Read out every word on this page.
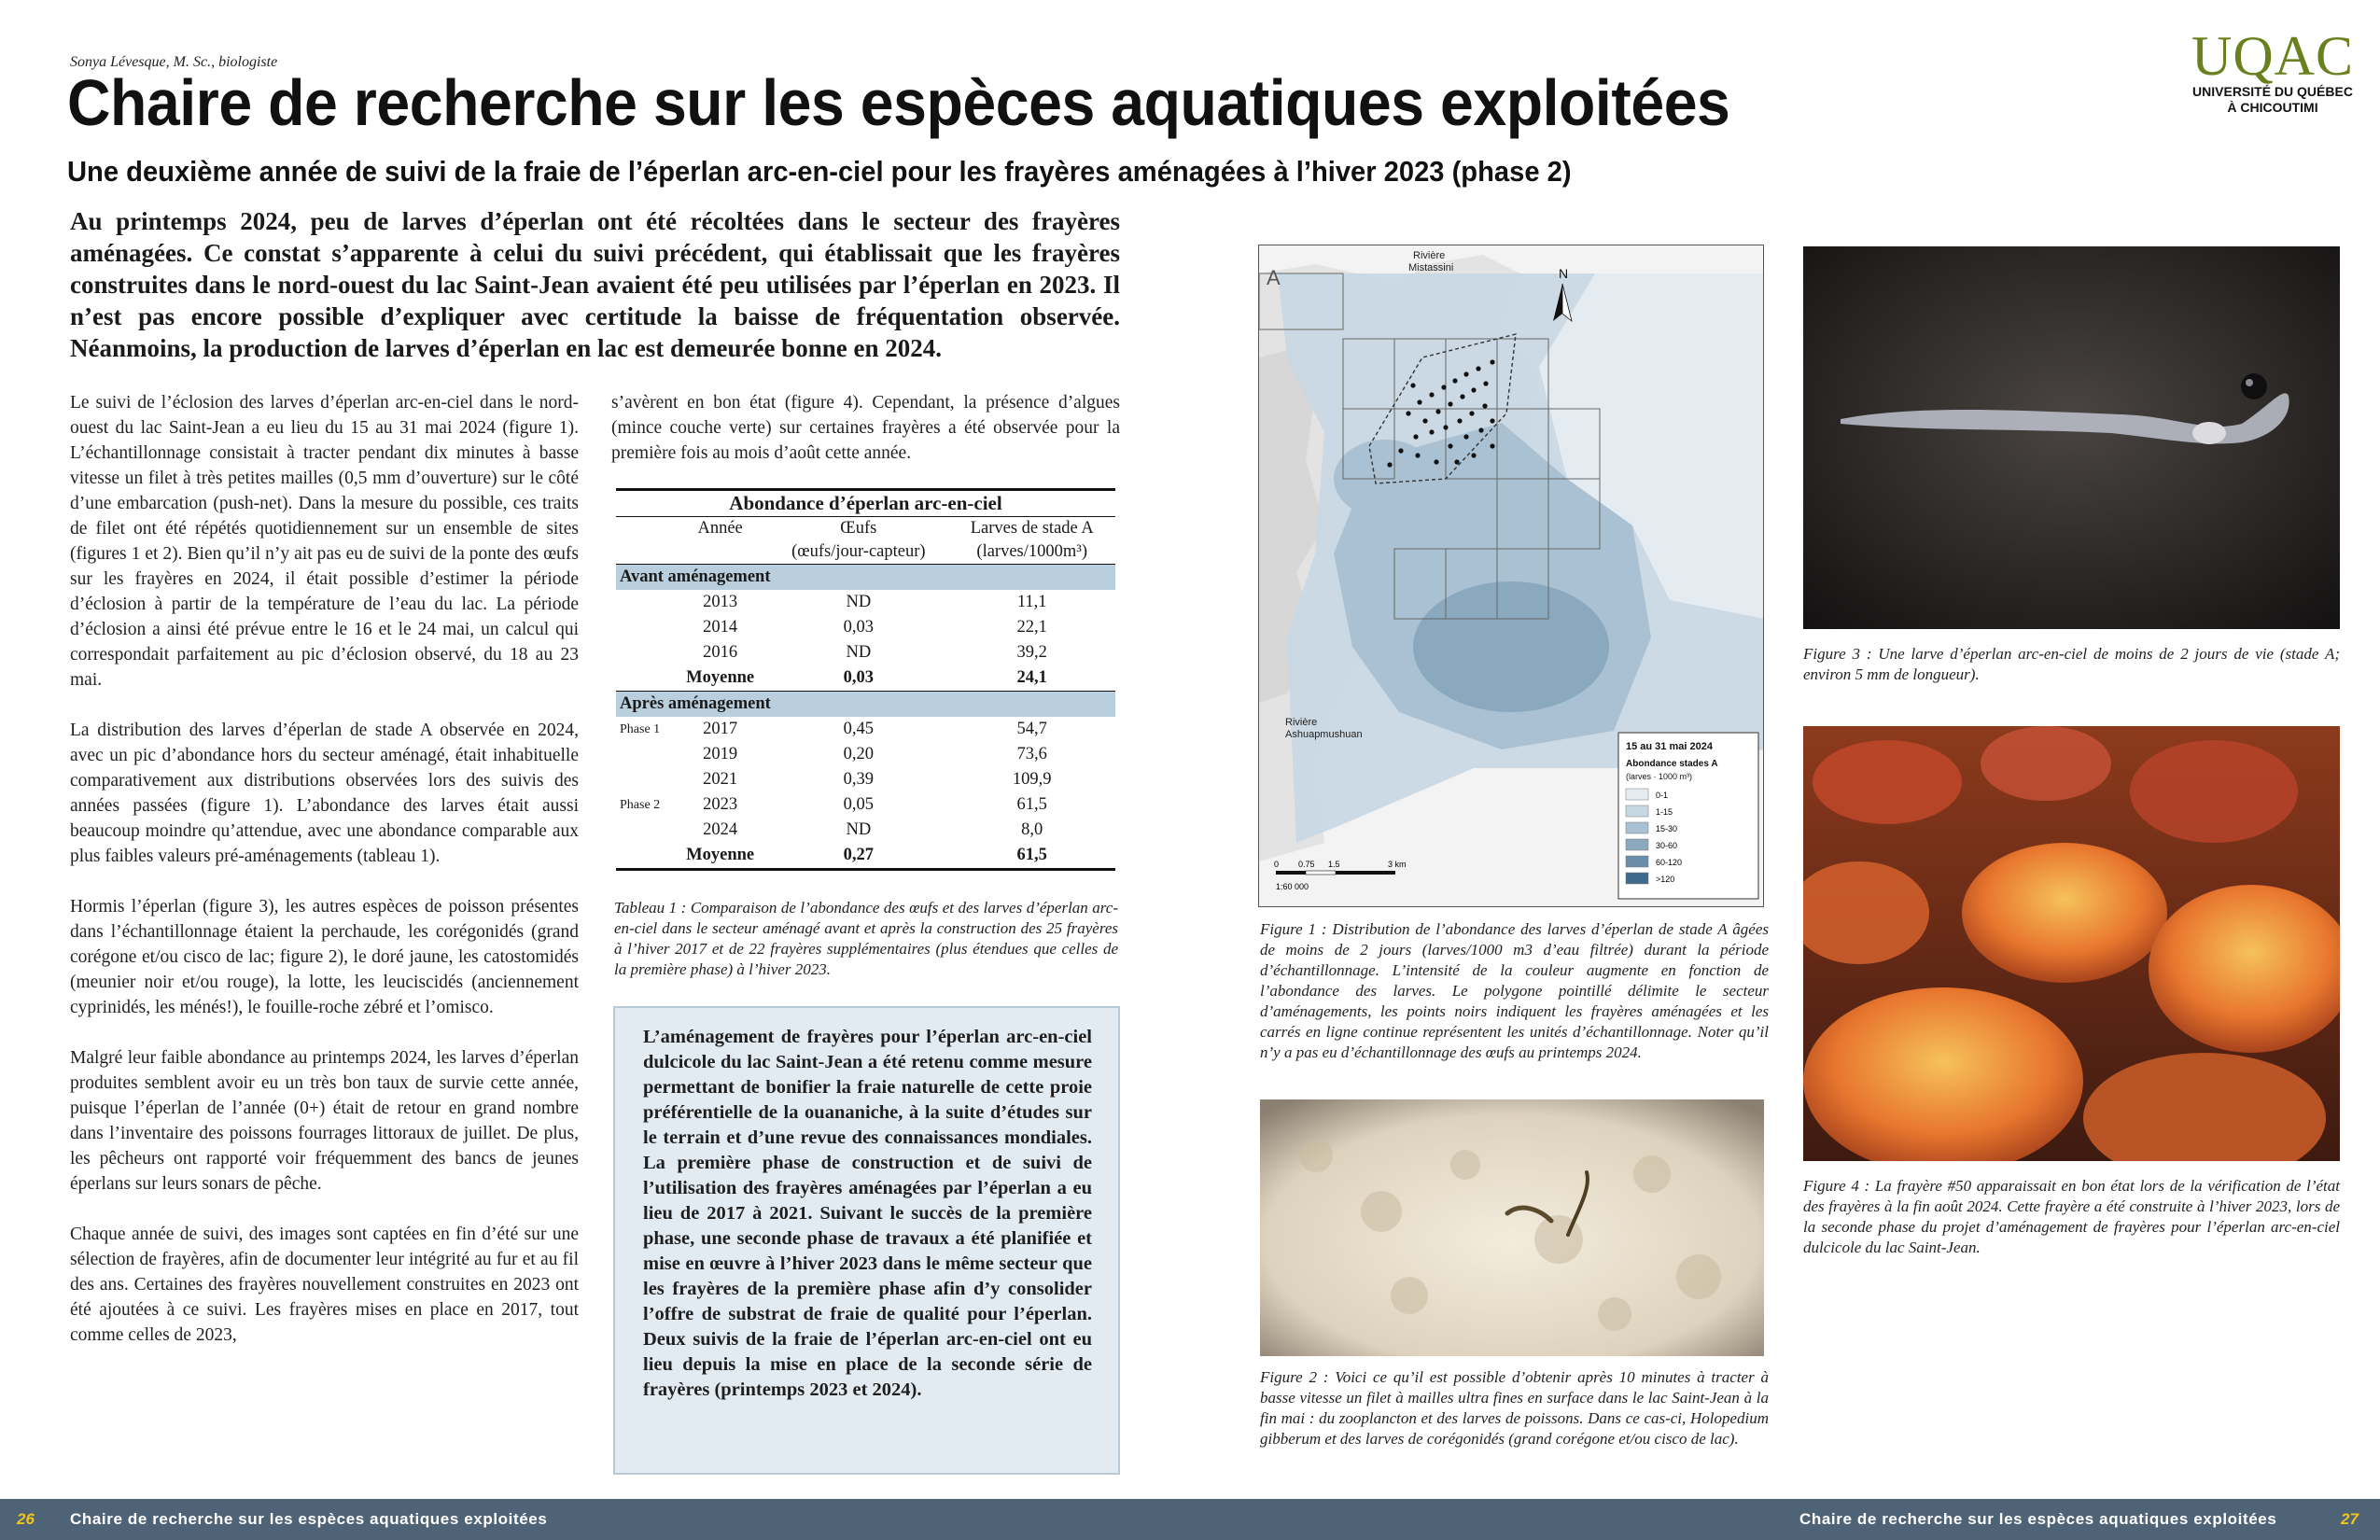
Sonya Lévesque, M. Sc., biologiste
Chaire de recherche sur les espèces aquatiques exploitées
Une deuxième année de suivi de la fraie de l’éperlan arc-en-ciel pour les frayères aménagées à l’hiver 2023 (phase 2)
UQAC
UNIVERSITÉ DU QUÉBEC
À CHICOUTIMI
Au printemps 2024, peu de larves d’éperlan ont été récoltées dans le secteur des frayères aménagées. Ce constat s’apparente à celui du suivi précédent, qui établissait que les frayères construites dans le nord-ouest du lac Saint-Jean avaient été peu utilisées par l’éperlan en 2023. Il n’est pas encore possible d’expliquer avec certitude la baisse de fréquentation observée. Néanmoins, la production de larves d’éperlan en lac est demeurée bonne en 2024.

Le suivi de l’éclosion des larves d’éperlan arc-en-ciel dans le nord-ouest du lac Saint-Jean a eu lieu du 15 au 31 mai 2024 (figure 1). L’échantillonnage consistait à tracter pendant dix minutes à basse vitesse un filet à très petites mailles (0,5 mm d’ouverture) sur le côté d’une embarcation (push-net). Dans la mesure du possible, ces traits de filet ont été répétés quotidiennement sur un ensemble de sites (figures 1 et 2). Bien qu’il n’y ait pas eu de suivi de la ponte des œufs sur les frayères en 2024, il était possible d’estimer la période d’éclosion à partir de la température de l’eau du lac. La période d’éclosion a ainsi été prévue entre le 16 et le 24 mai, un calcul qui correspondait parfaitement au pic d’éclosion observé, du 18 au 23 mai.

La distribution des larves d’éperlan de stade A observée en 2024, avec un pic d’abondance hors du secteur aménagé, était inhabituelle comparativement aux distributions observées lors des suivis des années passées (figure 1). L’abondance des larves était aussi beaucoup moindre qu’attendue, avec une abondance comparable aux plus faibles valeurs pré-aménagements (tableau 1).

Hormis l’éperlan (figure 3), les autres espèces de poisson présentes dans l’échantillonnage étaient la perchaude, les corégonidés (grand corégone et/ou cisco de lac; figure 2), le doré jaune, les catostomidés (meunier noir et/ou rouge), la lotte, les leuciscidés (anciennement cyprinidés, les ménés!), le fouille-roche zébré et l’omisco.

Malgré leur faible abondance au printemps 2024, les larves d’éperlan produites semblent avoir eu un très bon taux de survie cette année, puisque l’éperlan de l’année (0+) était de retour en grand nombre dans l’inventaire des poissons fourrages littoraux de juillet. De plus, les pêcheurs ont rapporté voir fréquemment des bancs de jeunes éperlans sur leurs sonars de pêche.

Chaque année de suivi, des images sont captées en fin d’été sur une sélection de frayères, afin de documenter leur intégrité au fur et au fil des ans. Certaines des frayères nouvellement construites en 2023 ont été ajoutées à ce suivi. Les frayères mises en place en 2017, tout comme celles de 2023,

s’avèrent en bon état (figure 4). Cependant, la présence d’algues (mince couche verte) sur certaines frayères a été observée pour la première fois au mois d’août cette année.

Abondance d’éperlan arc-en-ciel			
	Année	Œufs	Larves de stade A
		(œufs/jour-capteur)	(larves/1000m³)
Avant aménagement			
	2013	ND	11,1
	2014	0,03	22,1
	2016	ND	39,2
	Moyenne	0,03	24,1
Après aménagement			
Phase 1	2017	0,45	54,7
	2019	0,20	73,6
	2021	0,39	109,9
Phase 2	2023	0,05	61,5
	2024	ND	8,0
	Moyenne	0,27	61,5
Tableau 1 : Comparaison de l’abondance des œufs et des larves d’éperlan arc-en-ciel dans le secteur aménagé avant et après la construction des 25 frayères à l’hiver 2017 et de 22 frayères supplémentaires (plus étendues que celles de la première phase) à l’hiver 2023.
L’aménagement de frayères pour l’éperlan arc-en-ciel dulcicole du lac Saint-Jean a été retenu comme mesure permettant de bonifier la fraie naturelle de cette proie préférentielle de la ouananiche, à la suite d’études sur le terrain et d’une revue des connaissances mondiales. La première phase de construction et de suivi de l’utilisation des frayères aménagées par l’éperlan a eu lieu de 2017 à 2021. Suivant le succès de la première phase, une seconde phase de travaux a été planifiée et mise en œuvre à l’hiver 2023 dans le même secteur que les frayères de la première phase afin d’y consolider l’offre de substrat de fraie de qualité pour l’éperlan. Deux suivis de la fraie de l’éperlan arc-en-ciel ont eu lieu depuis la mise en place de la seconde série de frayères (printemps 2023 et 2024).
N
A
Rivière
Mistassini
Rivière
Ashuapmushuan
15 au 31 mai 2024
Abondance stades A
(larves · 1000 m³)
0-1
1-15
15-30
30-60
60-120
>120
0 0.75 1.5	3 km
1:60 000
Figure 1 : Distribution de l’abondance des larves d’éperlan de stade A âgées de moins de 2 jours (larves/1000 m3 d’eau filtrée) durant la période d’échantillonnage. L’intensité de la couleur augmente en fonction de l’abondance des larves. Le polygone pointillé délimite le secteur d’aménagements, les points noirs indiquent les frayères aménagées et les carrés en ligne continue représentent les unités d’échantillonnage. Noter qu’il n’y a pas eu d’échantillonnage des œufs au printemps 2024.
Figure 2 : Voici ce qu’il est possible d’obtenir après 10 minutes à tracter à basse vitesse un filet à mailles ultra fines en surface dans le lac Saint-Jean à la fin mai : du zooplancton et des larves de poissons. Dans ce cas-ci, Holopedium gibberum et des larves de corégonidés (grand corégone et/ou cisco de lac).
Figure 3 : Une larve d’éperlan arc-en-ciel de moins de 2 jours de vie (stade A; environ 5 mm de longueur).
Figure 4 : La frayère #50 apparaissait en bon état lors de la vérification de l’état des frayères à la fin août 2024. Cette frayère a été construite à l’hiver 2023, lors de la seconde phase du projet d’aménagement de frayères pour l’éperlan arc-en-ciel dulcicole du lac Saint-Jean.
26 Chaire de recherche sur les espèces aquatiques exploitées	Chaire de recherche sur les espèces aquatiques exploitées	27
